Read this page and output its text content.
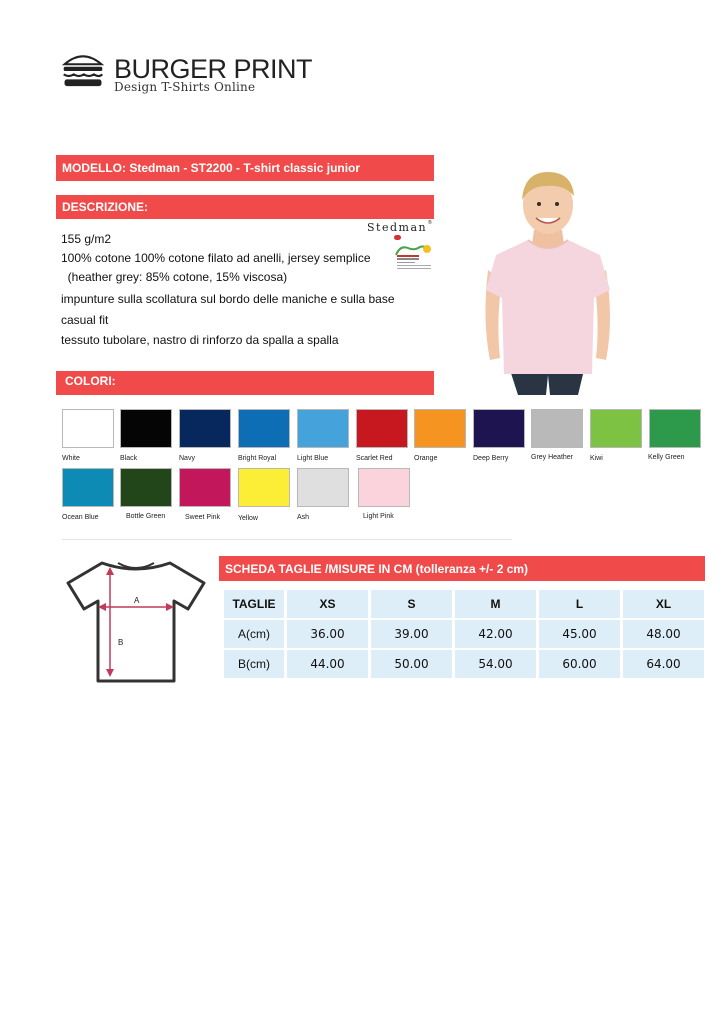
BURGER PRINT
Design T-Shirts Online
MODELLO: Stedman - ST2200 - T-shirt classic junior
DESCRIZIONE:
155 g/m2
100% cotone 100% cotone filato ad anelli, jersey semplice
(heather grey: 85% cotone, 15% viscosa)
impunture sulla scollatura sul bordo delle maniche e sulla base
casual fit
tessuto tubolare, nastro di rinforzo da spalla a spalla
Stedman ®
COLORI:
White	Black	Navy	Bright Royal	Light Blue	Scarlet Red	Orange	Deep Berry	Grey Heather Kiwi	Kelly Green
Ocean Blue	Bottle Green	Sweet Pink	Yellow	Ash	Light Pink
A
B
SCHEDA TAGLIE /MISURE IN CM (tolleranza +/- 2 cm)
TAGLIE	XS	S	M	L	XL
A(cm)	36.00	39.00	42.00	45.00	48.00
B(cm)	44.00	50.00	54.00	60.00	64.00
